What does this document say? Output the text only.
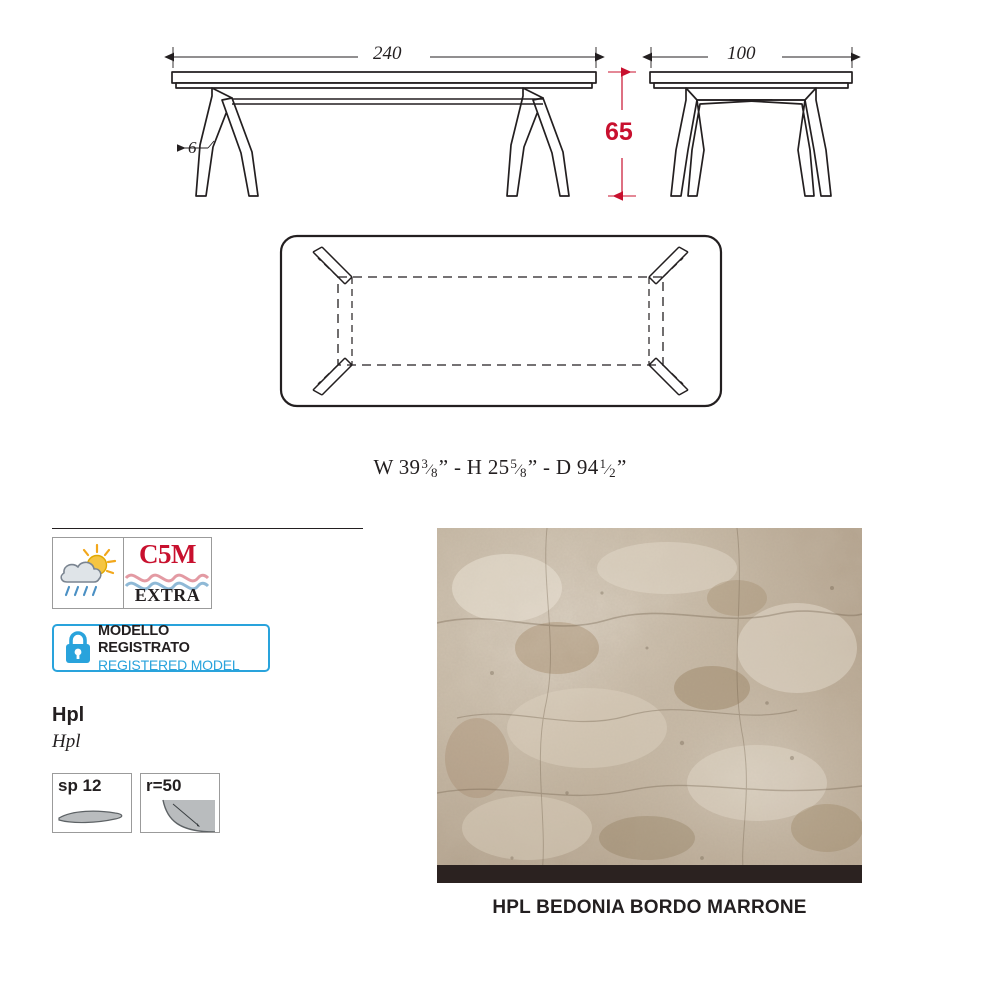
240	100
6
65
W 393⁄8” - H 255⁄8” - D 941⁄2”
C5M
EXTRA
MODELLO REGISTRATO
REGISTERED MODEL
Hpl
Hpl
sp 12	r=50
HPL BEDONIA BORDO MARRONE
